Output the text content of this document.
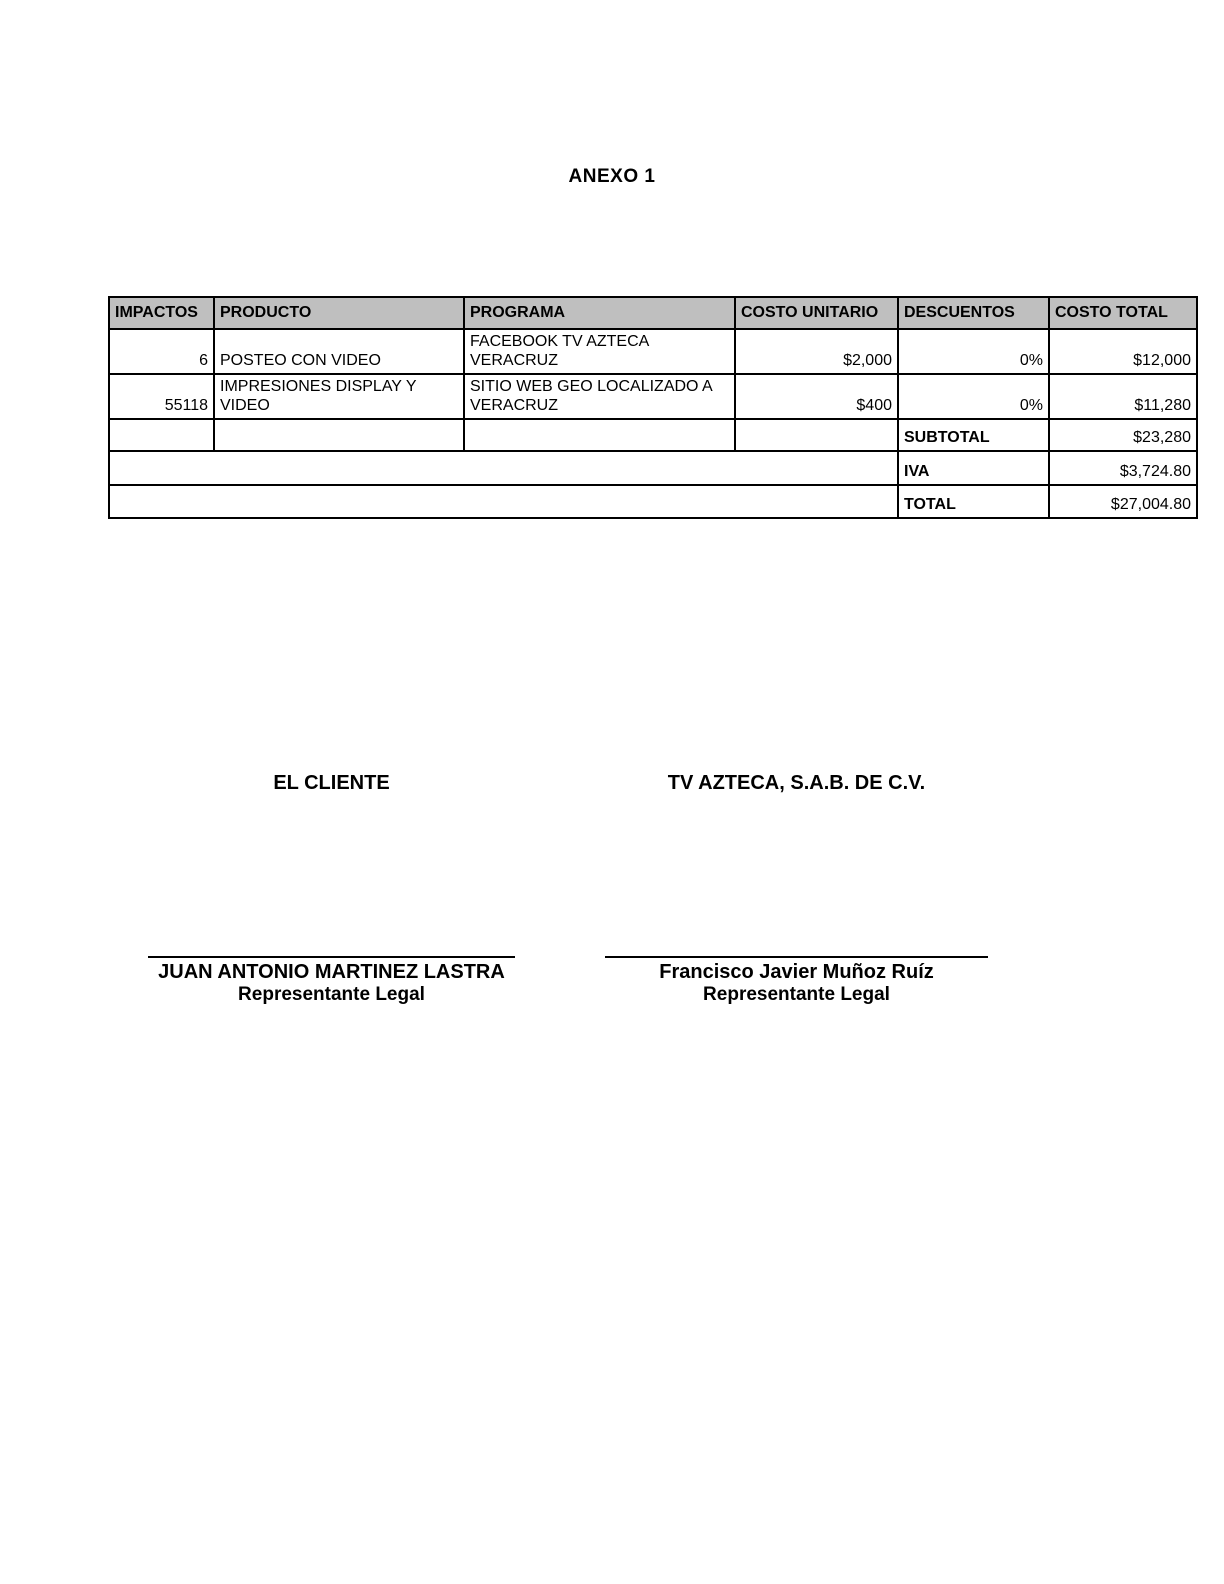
ANEXO 1
IMPACTOS	PRODUCTO	PROGRAMA	COSTO UNITARIO	DESCUENTOS	COSTO TOTAL
6	POSTEO CON VIDEO	FACEBOOK TV AZTECA  VERACRUZ	$2,000	0%	$12,000
55118	IMPRESIONES DISPLAY Y VIDEO	SITIO WEB GEO LOCALIZADO A VERACRUZ	$400	0%	$11,280
				SUBTOTAL	$23,280
				IVA	$3,724.80
				TOTAL	$27,004.80
EL CLIENTE	TV AZTECA, S.A.B. DE C.V.
JUAN ANTONIO MARTINEZ LASTRA
Representante Legal
Francisco Javier Muñoz Ruíz
Representante Legal
